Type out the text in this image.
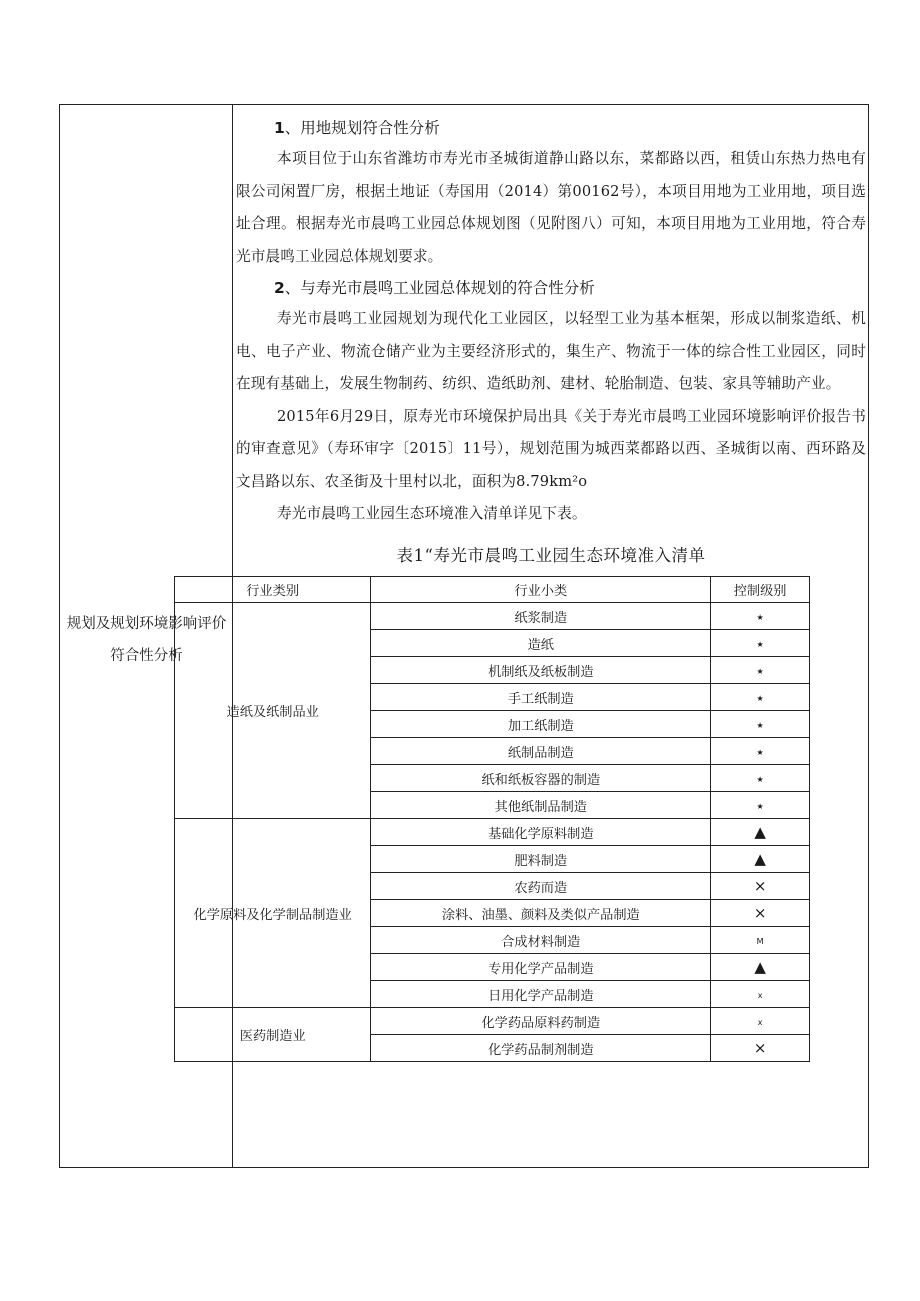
规划及规划环境影响评价符合性分析

1、用地规划符合性分析

本项目位于山东省潍坊市寿光市圣城街道静山路以东，菜都路以西，租赁山东热力热电有限公司闲置厂房，根据土地证（寿国用（2014）第00162号），本项目用地为工业用地，项目选址合理。根据寿光市晨鸣工业园总体规划图（见附图八）可知，本项目用地为工业用地，符合寿光市晨鸣工业园总体规划要求。

2、与寿光市晨鸣工业园总体规划的符合性分析

寿光市晨鸣工业园规划为现代化工业园区，以轻型工业为基本框架，形成以制浆造纸、机电、电子产业、物流仓储产业为主要经济形式的，集生产、物流于一体的综合性工业园区，同时在现有基础上，发展生物制药、纺织、造纸助剂、建材、轮胎制造、包装、家具等辅助产业。

2015年6月29日，原寿光市环境保护局出具《关于寿光市晨鸣工业园环境影响评价报告书的审查意见》（寿环审字〔2015〕11号），规划范围为城西菜都路以西、圣城街以南、西环路及文昌路以东、农圣街及十里村以北，面积为8.79km²o

寿光市晨鸣工业园生态环境准入清单详见下表。

表1“寿光市晨鸣工业园生态环境准入清单

行业类别	行业小类	控制级别
造纸及纸制品业	纸浆制造	★
	造纸	★
	机制纸及纸板制造	★
	手工纸制造	★
	加工纸制造	★
	纸制品制造	★
	纸和纸板容器的制造	★
	其他纸制品制造	★
化学原料及化学制品制造业	基础化学原料制造	▲
	肥料制造	▲
	农药而造	×
	涂料、油墨、颜料及类似产品制造	×
	合成材料制造	M
	专用化学产品制造	▲
	日用化学产品制造	x
医药制造业	化学药品原料药制造	x
	化学药品制剂制造	×
